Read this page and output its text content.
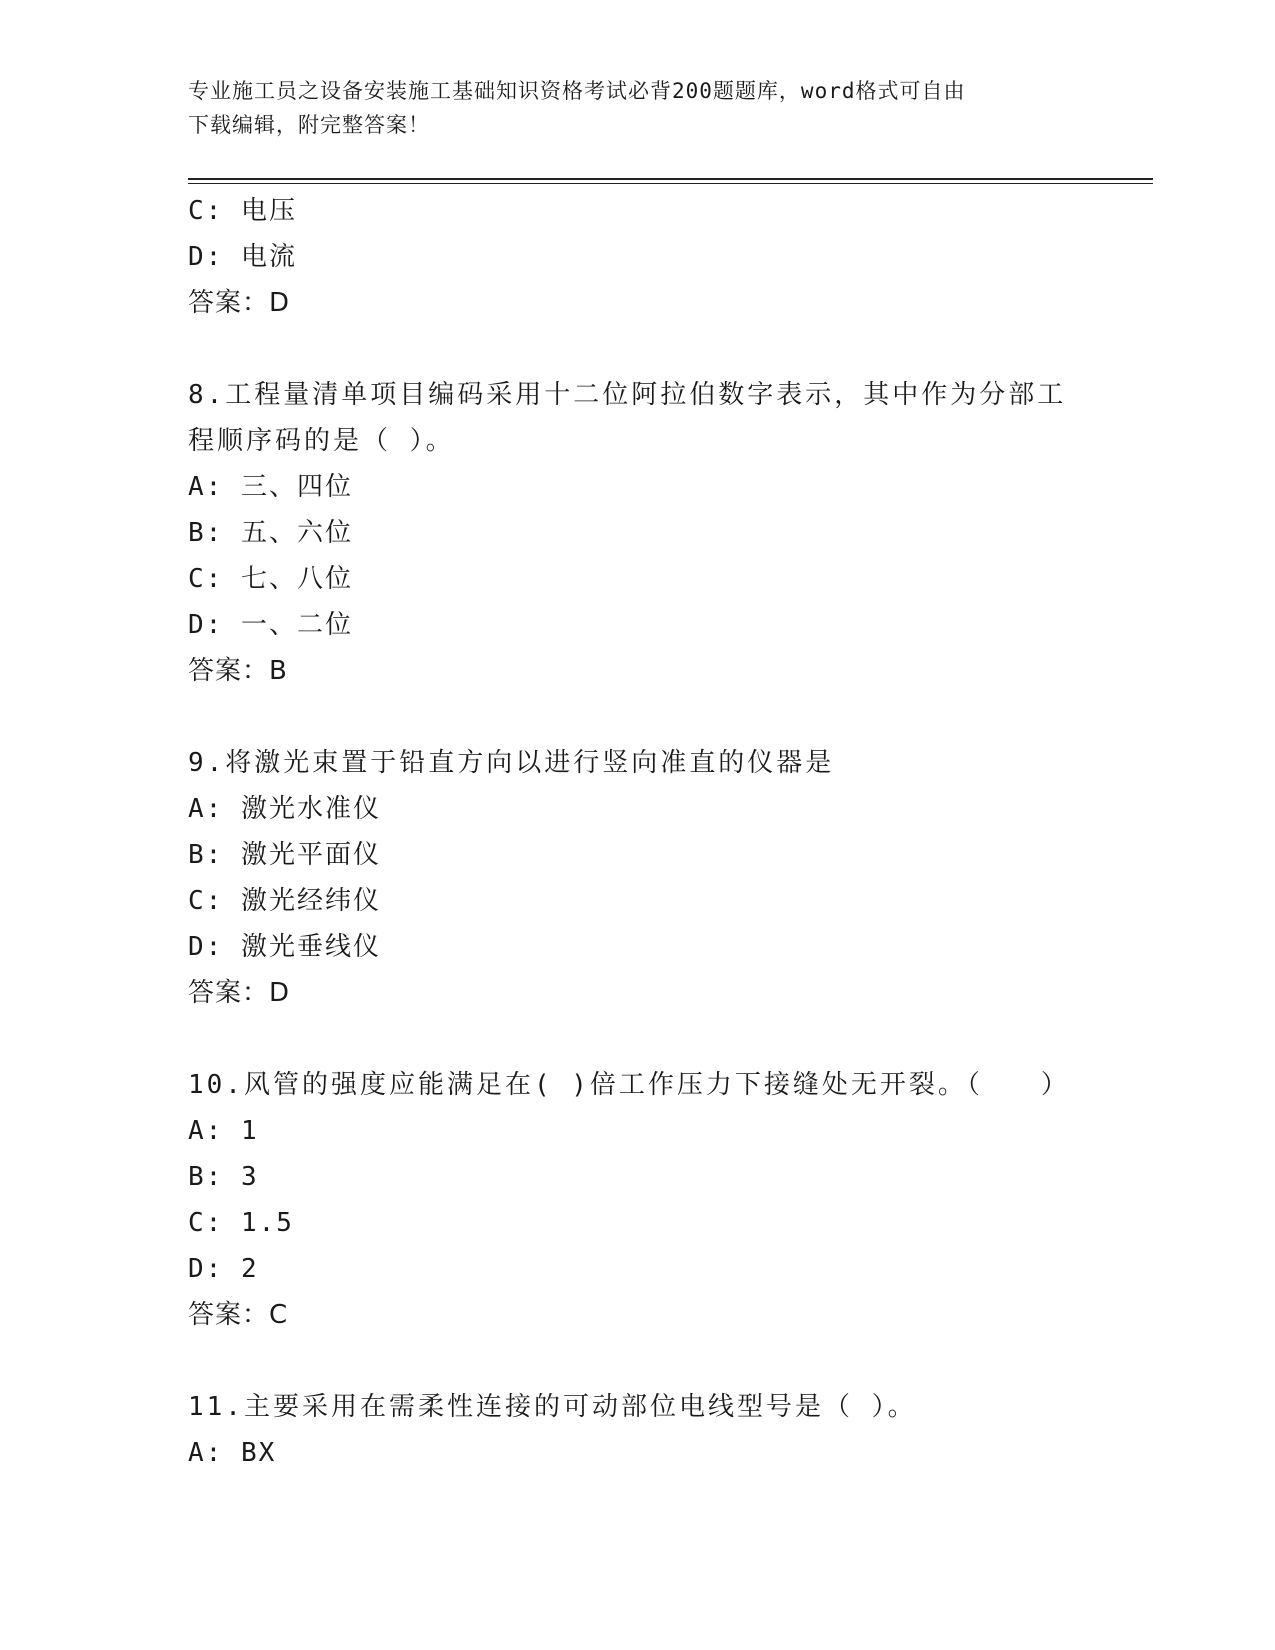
专业施工员之设备安装施工基础知识资格考试必背200题题库，word格式可自由
下载编辑，附完整答案！
C: 电压
D: 电流
答案：D
8.工程量清单项目编码采用十二位阿拉伯数字表示，其中作为分部工
程顺序码的是（ ）。
A: 三、四位
B: 五、六位
C: 七、八位
D: 一、二位
答案：B
9.将激光束置于铅直方向以进行竖向准直的仪器是
A: 激光水准仪
B: 激光平面仪
C: 激光经纬仪
D: 激光垂线仪
答案：D
10.风管的强度应能满足在( )倍工作压力下接缝处无开裂。（　　）
A: 1
B: 3
C: 1.5
D: 2
答案：C
11.主要采用在需柔性连接的可动部位电线型号是（ ）。
A: BX
